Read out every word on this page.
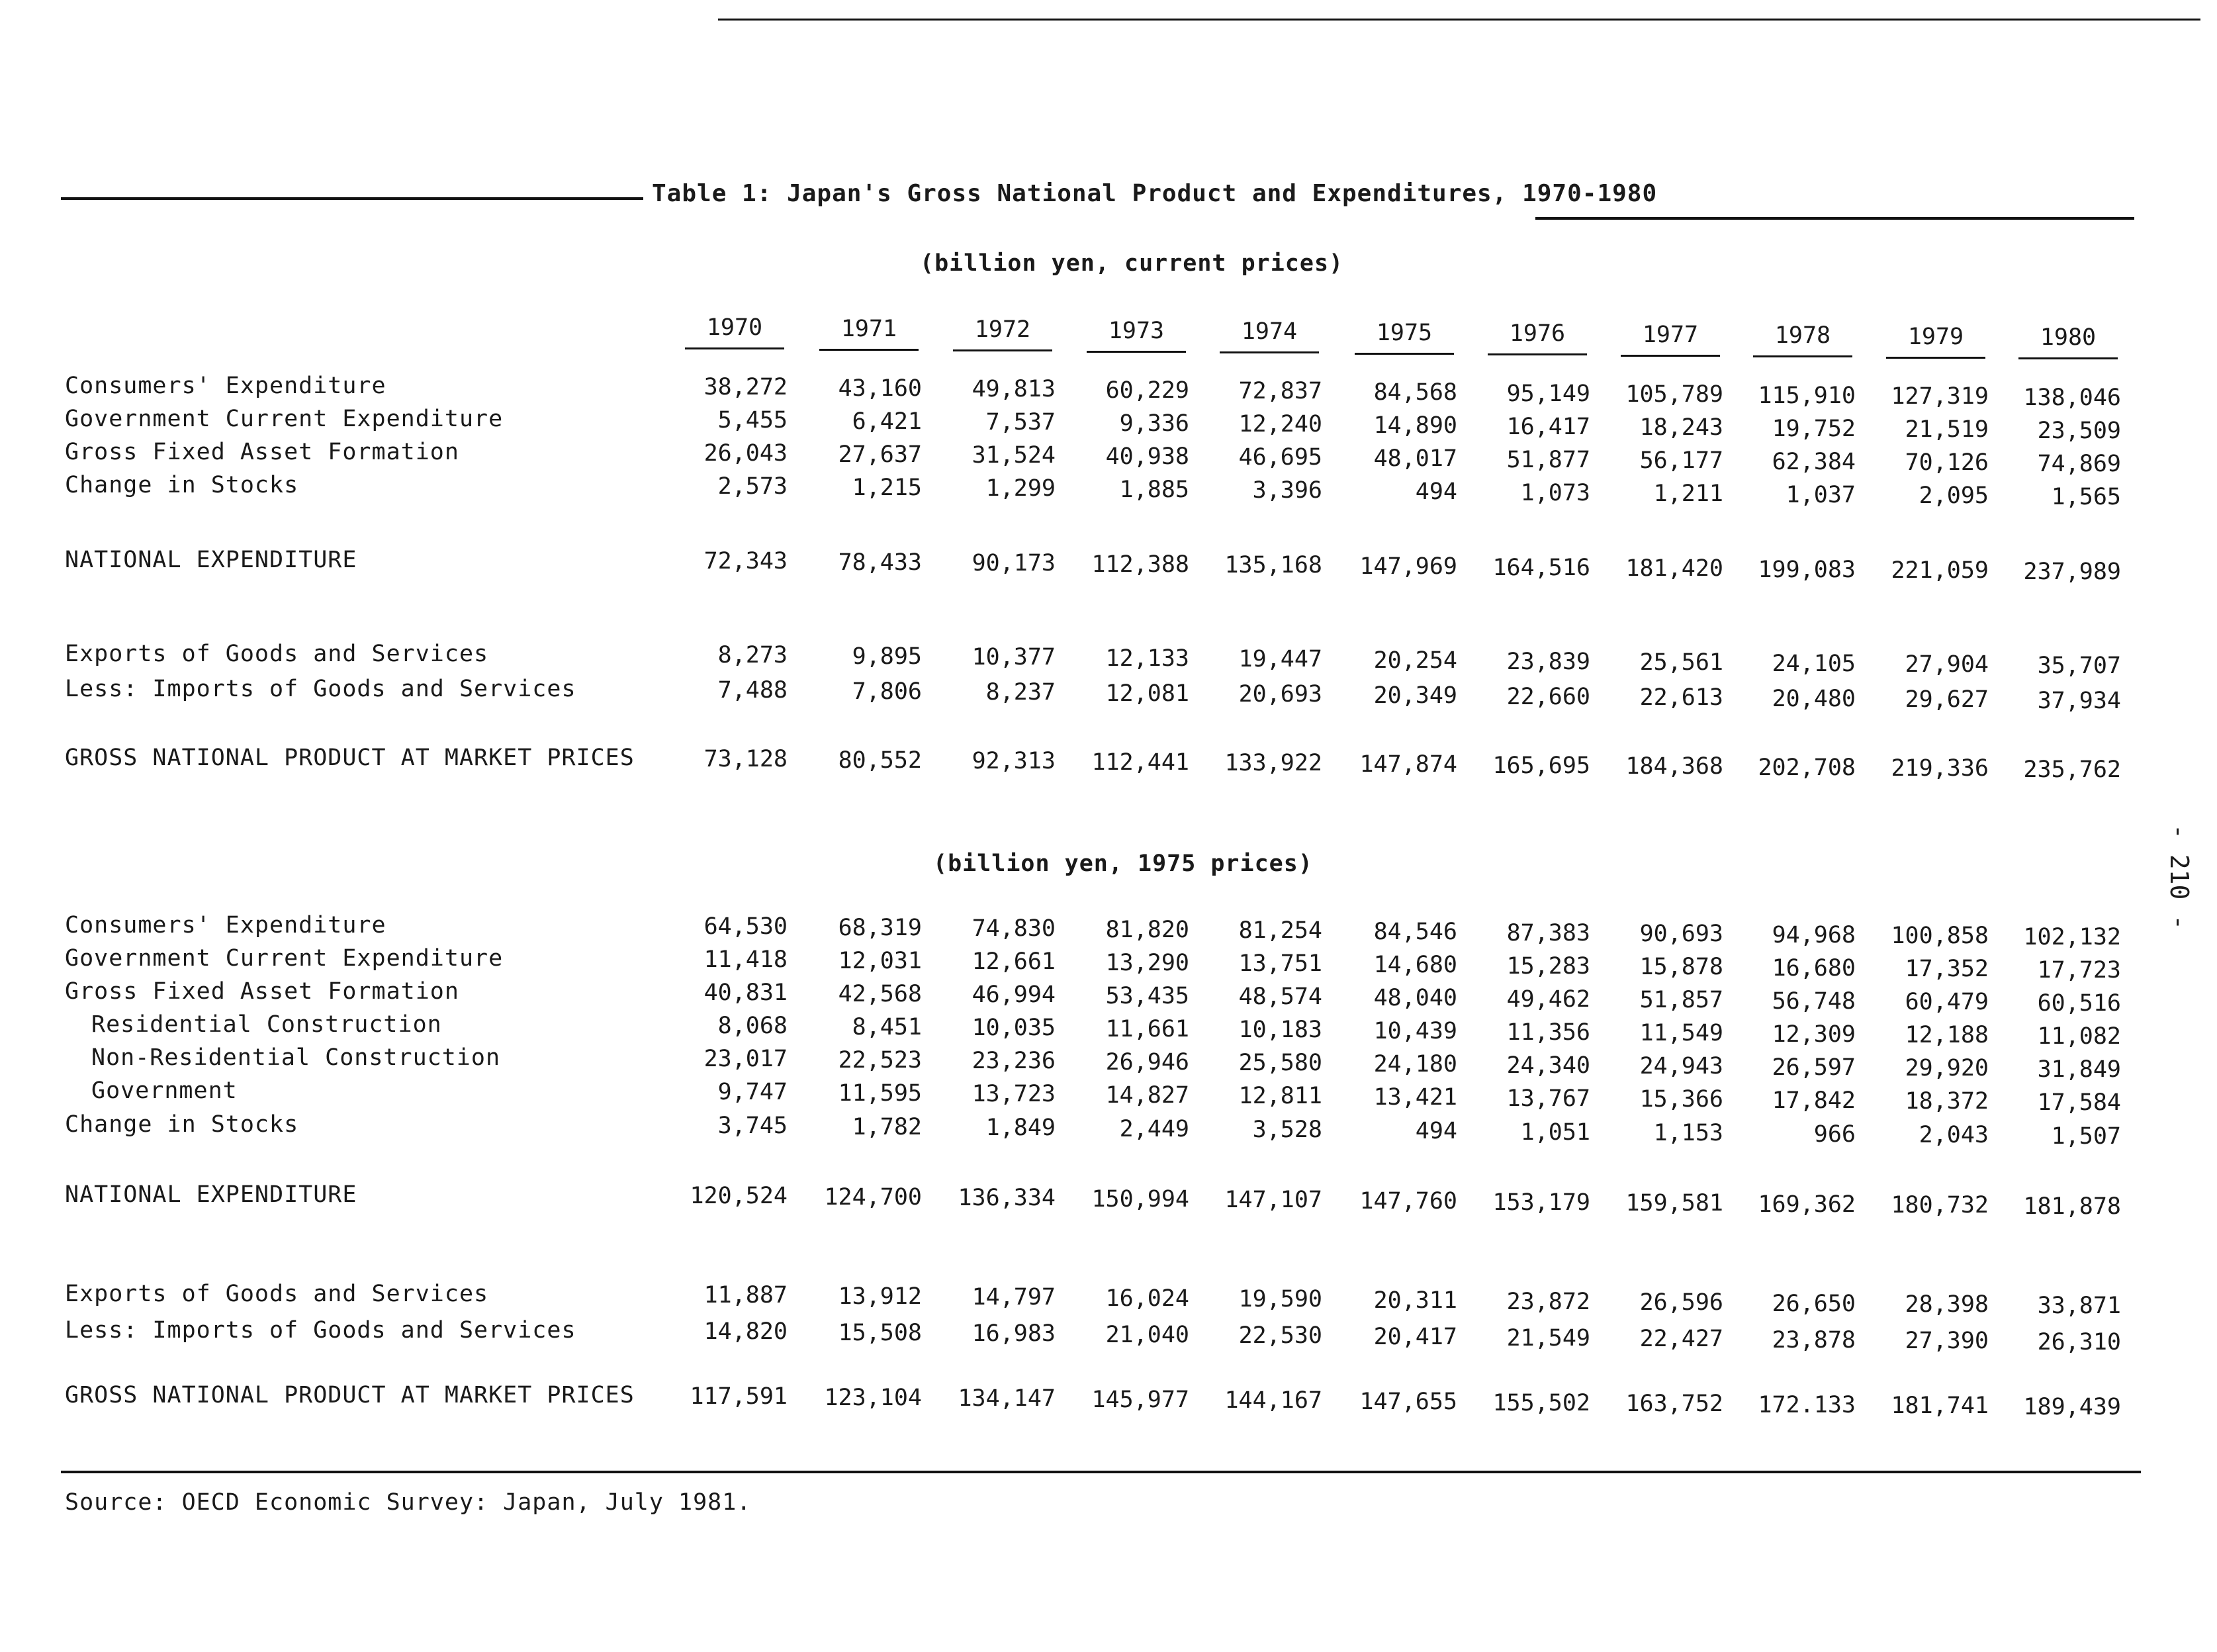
Table 1: Japan's Gross National Product and Expenditures, 1970-1980
(billion yen, current prices)
1970	1971	1972	1973	1974	1975	1976	1977	1978	1979	1980
Consumers' Expenditure	38,272	43,160	49,813	60,229	72,837	84,568	95,149	105,789	115,910	127,319	138,046
Government Current Expenditure	5,455	6,421	7,537	9,336	12,240	14,890	16,417	18,243	19,752	21,519	23,509
Gross Fixed Asset Formation	26,043	27,637	31,524	40,938	46,695	48,017	51,877	56,177	62,384	70,126	74,869
Change in Stocks	2,573	1,215	1,299	1,885	3,396	494	1,073	1,211	1,037	2,095	1,565
NATIONAL EXPENDITURE	72,343	78,433	90,173	112,388	135,168	147,969	164,516	181,420	199,083	221,059	237,989
Exports of Goods and Services	8,273	9,895	10,377	12,133	19,447	20,254	23,839	25,561	24,105	27,904	35,707
Less: Imports of Goods and Services	7,488	7,806	8,237	12,081	20,693	20,349	22,660	22,613	20,480	29,627	37,934
GROSS NATIONAL PRODUCT AT MARKET PRICES	73,128	80,552	92,313	112,441	133,922	147,874	165,695	184,368	202,708	219,336	235,762
Consumers' Expenditure	64,530	68,319	74,830	81,820	81,254	84,546	87,383	90,693	94,968	100,858	102,132
Government Current Expenditure	11,418	12,031	12,661	13,290	13,751	14,680	15,283	15,878	16,680	17,352	17,723
Gross Fixed Asset Formation	40,831	42,568	46,994	53,435	48,574	48,040	49,462	51,857	56,748	60,479	60,516
Residential Construction	8,068	8,451	10,035	11,661	10,183	10,439	11,356	11,549	12,309	12,188	11,082
Non-Residential Construction	23,017	22,523	23,236	26,946	25,580	24,180	24,340	24,943	26,597	29,920	31,849
Government	9,747	11,595	13,723	14,827	12,811	13,421	13,767	15,366	17,842	18,372	17,584
Change in Stocks	3,745	1,782	1,849	2,449	3,528	494	1,051	1,153	966	2,043	1,507
NATIONAL EXPENDITURE	120,524	124,700	136,334	150,994	147,107	147,760	153,179	159,581	169,362	180,732	181,878
Exports of Goods and Services	11,887	13,912	14,797	16,024	19,590	20,311	23,872	26,596	26,650	28,398	33,871
Less: Imports of Goods and Services	14,820	15,508	16,983	21,040	22,530	20,417	21,549	22,427	23,878	27,390	26,310
GROSS NATIONAL PRODUCT AT MARKET PRICES	117,591	123,104	134,147	145,977	144,167	147,655	155,502	163,752	172.133	181,741	189,439
(billion yen, 1975 prices)
Source: OECD Economic Survey: Japan, July 1981.
- 210 -
